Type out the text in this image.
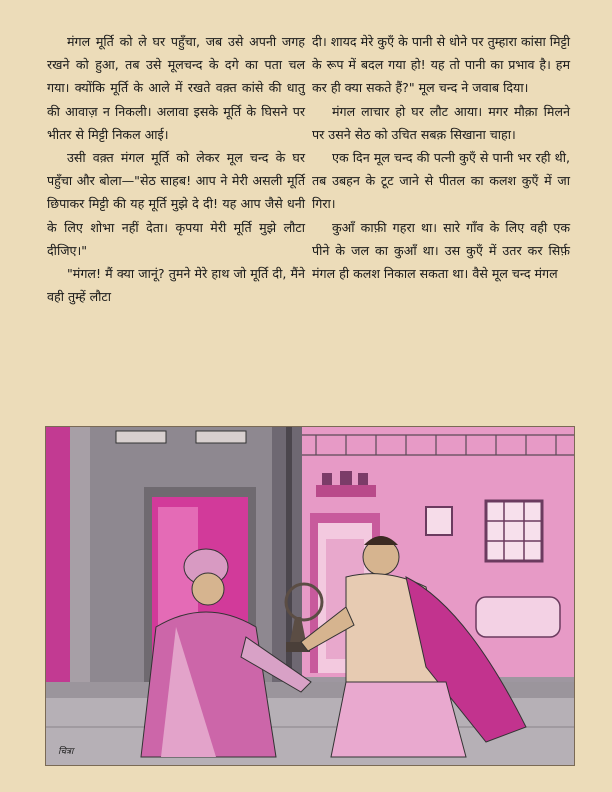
मंगल मूर्ति को ले घर पहुँचा, जब उसे अपनी जगह रखने को हुआ, तब उसे मूलचन्द के दगे का पता चल गया। क्योंकि मूर्ति के आले में रखते वक़्त कांसे की धातु की आवाज़ न निकली। अलावा इसके मूर्ति के घिसने पर भीतर से मिट्टी निकल आई।

उसी वक़्त मंगल मूर्ति को लेकर मूल चन्द के घर पहुँचा और बोला—"सेठ साहब! आप ने मेरी असली मूर्ति छिपाकर मिट्टी की यह मूर्ति मुझे दे दी! यह आप जैसे धनी के लिए शोभा नहीं देता। कृपया मेरी मूर्ति मुझे लौटा दीजिए।"

"मंगल! मैं क्या जानूं? तुमने मेरे हाथ जो मूर्ति दी, मैंने वही तुम्हें लौटा

दी। शायद मेरे कुएँ के पानी से धोने पर तुम्हारा कांसा मिट्टी के रूप में बदल गया हो! यह तो पानी का प्रभाव है। हम कर ही क्या सकते हैं?" मूल चन्द ने जवाब दिया।

मंगल लाचार हो घर लौट आया। मगर मौक़ा मिलने पर उसने सेठ को उचित सबक़ सिखाना चाहा।

एक दिन मूल चन्द की पत्नी कुएँ से पानी भर रही थी, तब उबहन के टूट जाने से पीतल का कलश कुएँ में जा गिरा।

कुआँ काफ़ी गहरा था। सारे गाँव के लिए वही एक पीने के जल का कुआँ था। उस कुएँ में उतर कर सिर्फ़ मंगल ही कलश निकाल सकता था। वैसे मूल चन्द मंगल

चित्रा
